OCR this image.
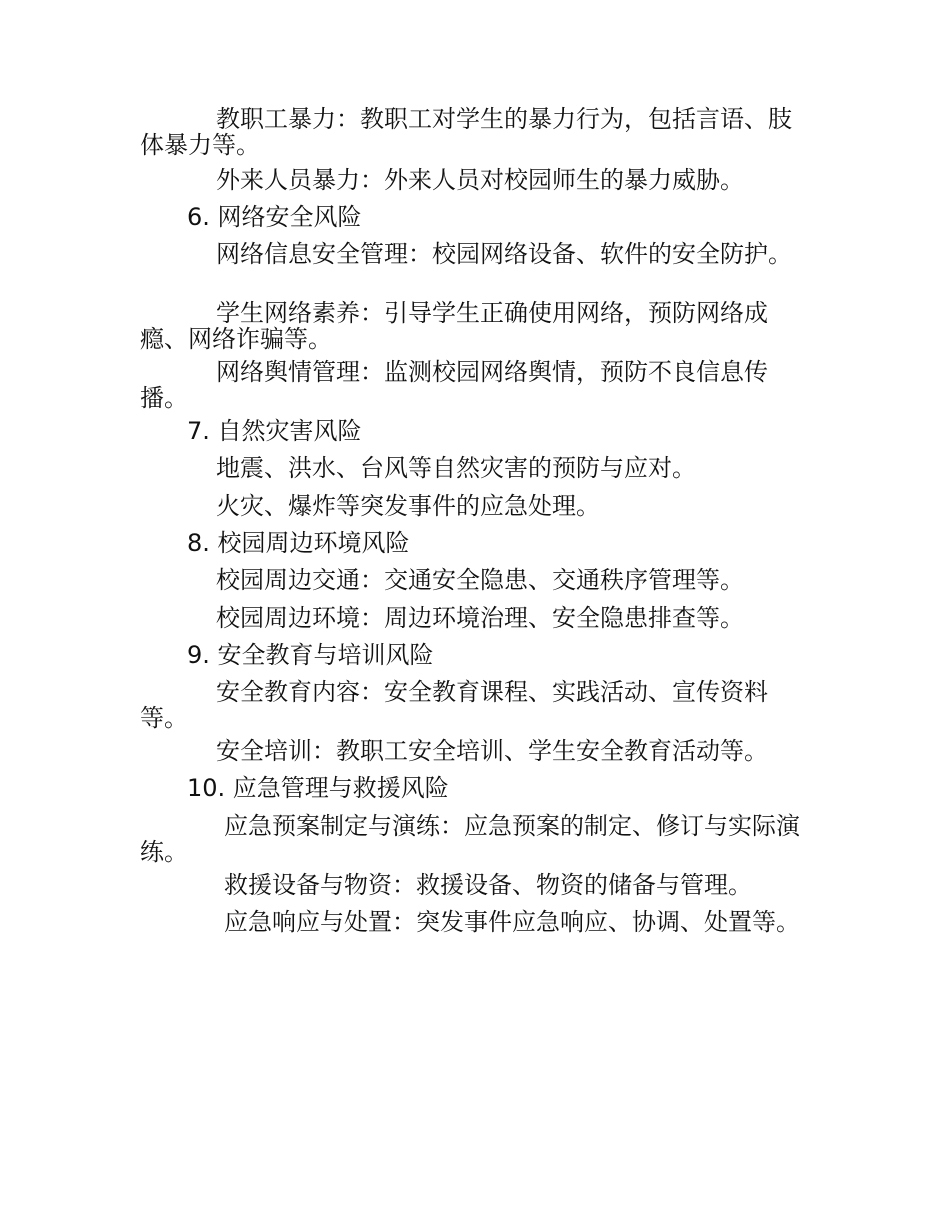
教职工暴力：教职工对学生的暴力行为，包括言语、肢体暴力等。
外来人员暴力：外来人员对校园师生的暴力威胁。
6. 网络安全风险
网络信息安全管理：校园网络设备、软件的安全防护。
学生网络素养：引导学生正确使用网络，预防网络成瘾、网络诈骗等。
网络舆情管理：监测校园网络舆情，预防不良信息传播。
7. 自然灾害风险
地震、洪水、台风等自然灾害的预防与应对。
火灾、爆炸等突发事件的应急处理。
8. 校园周边环境风险
校园周边交通：交通安全隐患、交通秩序管理等。
校园周边环境：周边环境治理、安全隐患排查等。
9. 安全教育与培训风险
安全教育内容：安全教育课程、实践活动、宣传资料等。
安全培训：教职工安全培训、学生安全教育活动等。
10. 应急管理与救援风险
应急预案制定与演练：应急预案的制定、修订与实际演练。
救援设备与物资：救援设备、物资的储备与管理。
应急响应与处置：突发事件应急响应、协调、处置等。
